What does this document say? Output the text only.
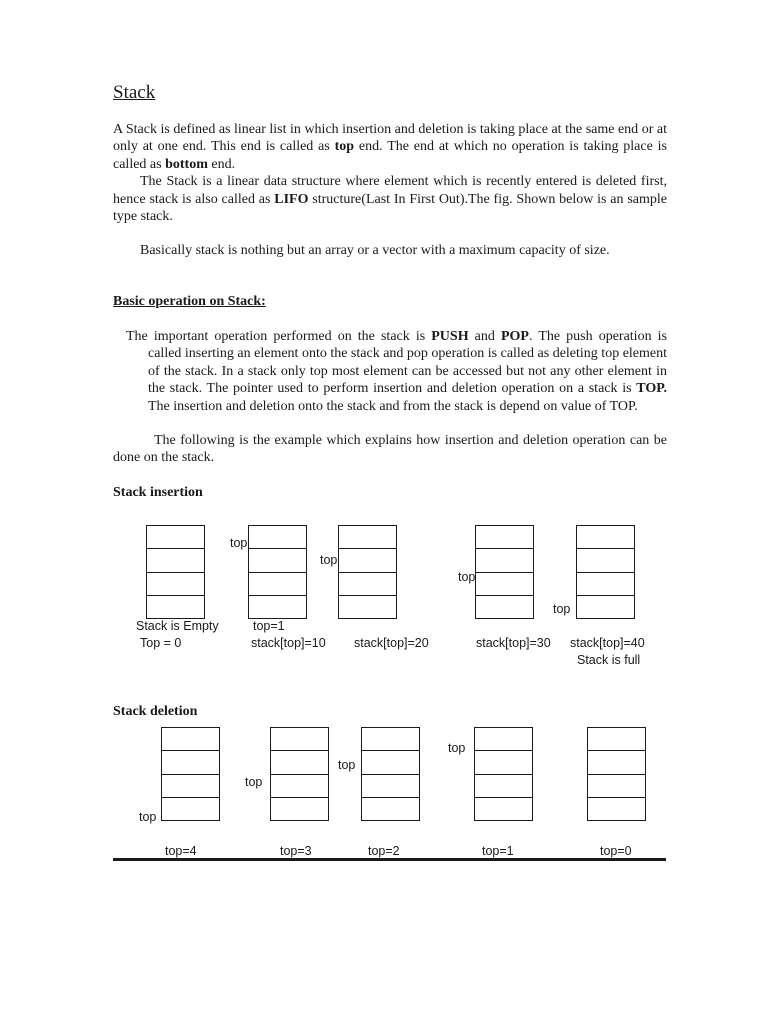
Stack

A Stack is defined as linear list in which insertion and deletion is taking place at the same end or at only at one end. This end is called as top end. The end at which no operation is taking place is called as bottom end.

The Stack is a linear data structure where element which is recently entered is deleted first, hence stack is also called as LIFO structure(Last In First Out).The fig. Shown below is an sample type stack.

Basically stack is nothing but an array or a vector with a maximum capacity of size.
Basic operation on Stack:

The important operation performed on the stack is PUSH and POP. The push operation is called inserting an element onto the stack and pop operation is called as deleting top element of the stack. In a stack only top most element can be accessed but not any other element in the stack. The pointer used to perform insertion and deletion operation on a stack is TOP. The insertion and deletion onto the stack and from the stack is depend on value of TOP.

The following is the example which explains how insertion and deletion operation can be done on the stack.
Stack insertion
top
top
top
top
Stack is Empty
Top = 0
top=1
stack[top]=10 stack[top]=20	stack[top]=30 stack[top]=40
Stack is full
Stack deletion
top
top
top
top
top=4	top=3	top=2	top=1	top=0
